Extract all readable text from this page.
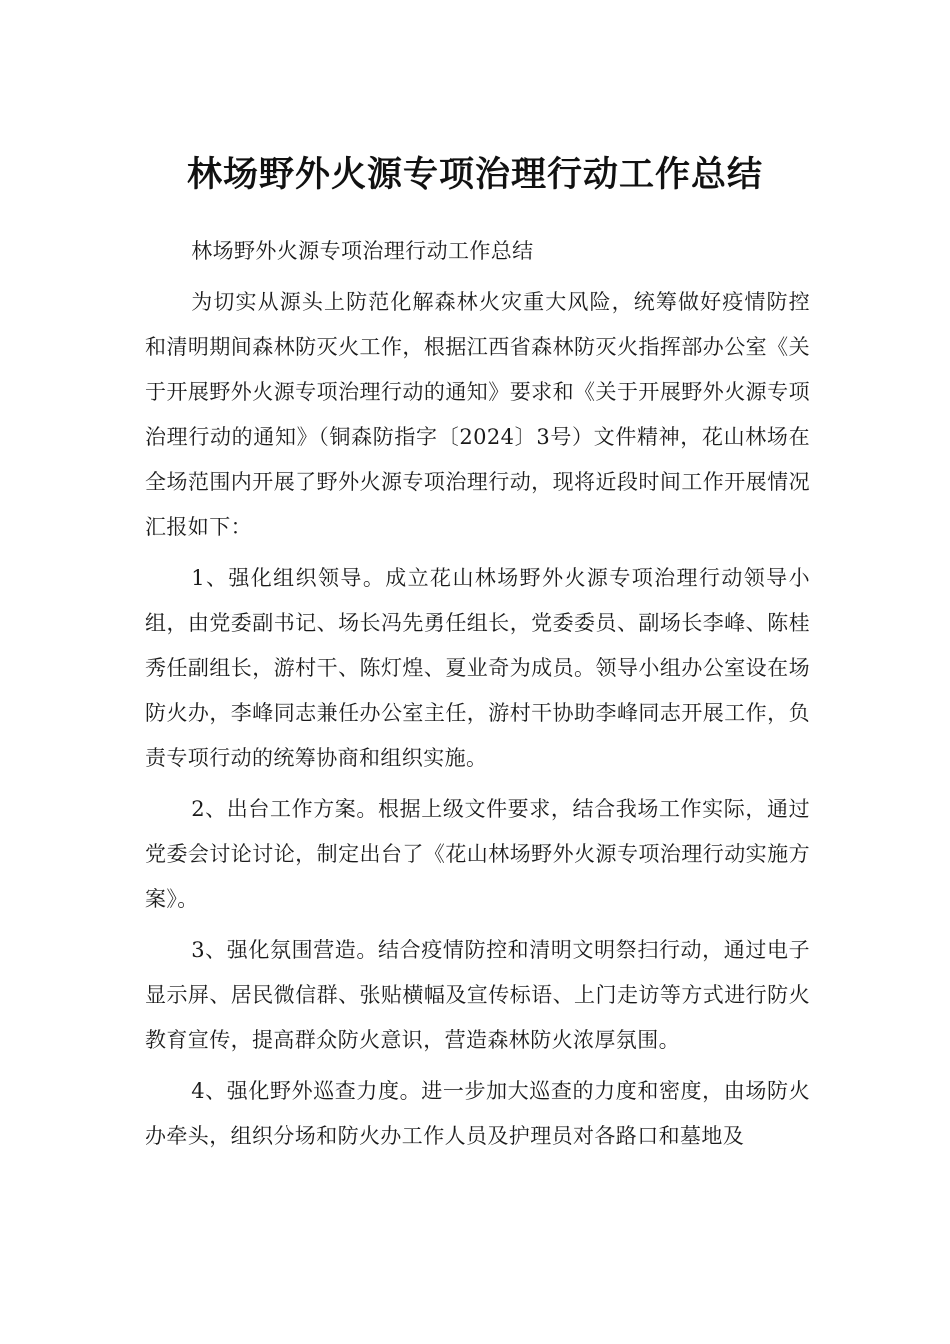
林场野外火源专项治理行动工作总结

林场野外火源专项治理行动工作总结

为切实从源头上防范化解森林火灾重大风险，统筹做好疫情防控和清明期间森林防灭火工作，根据江西省森林防灭火指挥部办公室《关于开展野外火源专项治理行动的通知》要求和《关于开展野外火源专项治理行动的通知》（铜森防指字〔2024〕3号）文件精神，花山林场在全场范围内开展了野外火源专项治理行动，现将近段时间工作开展情况汇报如下：

1、强化组织领导。成立花山林场野外火源专项治理行动领导小组，由党委副书记、场长冯先勇任组长，党委委员、副场长李峰、陈桂秀任副组长，游村干、陈灯煌、夏业奇为成员。领导小组办公室设在场防火办，李峰同志兼任办公室主任，游村干协助李峰同志开展工作，负责专项行动的统筹协商和组织实施。

2、出台工作方案。根据上级文件要求，结合我场工作实际，通过党委会讨论讨论，制定出台了《花山林场野外火源专项治理行动实施方案》。

3、强化氛围营造。结合疫情防控和清明文明祭扫行动，通过电子显示屏、居民微信群、张贴横幅及宣传标语、上门走访等方式进行防火教育宣传，提高群众防火意识，营造森林防火浓厚氛围。

4、强化野外巡查力度。进一步加大巡查的力度和密度，由场防火办牵头，组织分场和防火办工作人员及护理员对各路口和墓地及
